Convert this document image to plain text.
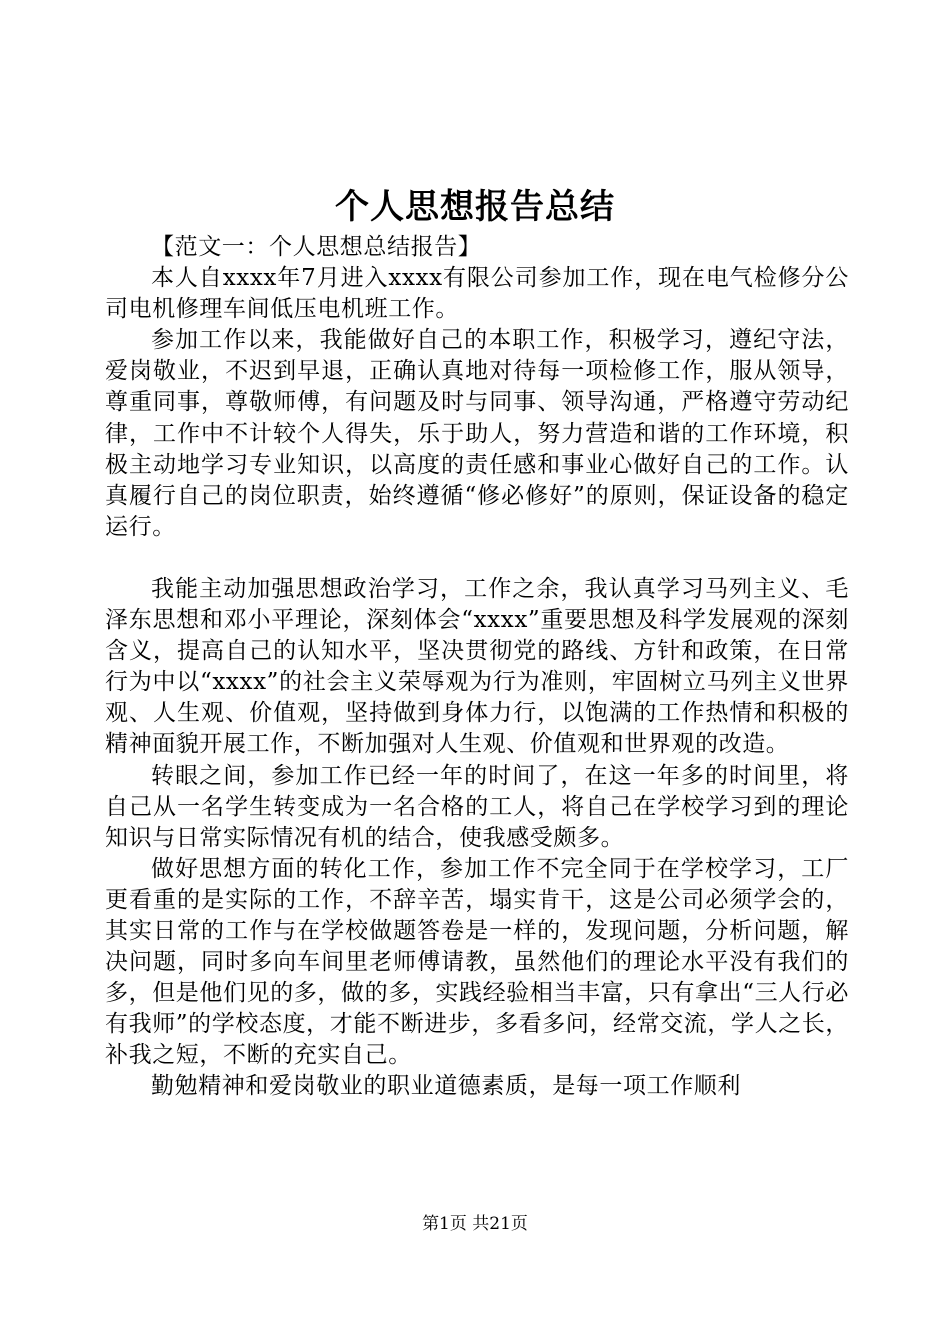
个人思想报告总结

【范文一：个人思想总结报告】

本人自xxxx年7月进入xxxx有限公司参加工作，现在电气检修分公司电机修理车间低压电机班工作。

参加工作以来，我能做好自己的本职工作，积极学习，遵纪守法，爱岗敬业，不迟到早退，正确认真地对待每一项检修工作，服从领导，尊重同事，尊敬师傅，有问题及时与同事、领导沟通，严格遵守劳动纪律，工作中不计较个人得失，乐于助人，努力营造和谐的工作环境，积极主动地学习专业知识，以高度的责任感和事业心做好自己的工作。认真履行自己的岗位职责，始终遵循“修必修好”的原则，保证设备的稳定运行。

我能主动加强思想政治学习，工作之余，我认真学习马列主义、毛泽东思想和邓小平理论，深刻体会“xxxx”重要思想及科学发展观的深刻含义，提高自己的认知水平，坚决贯彻党的路线、方针和政策，在日常行为中以“xxxx”的社会主义荣辱观为行为准则，牢固树立马列主义世界观、人生观、价值观，坚持做到身体力行，以饱满的工作热情和积极的精神面貌开展工作，不断加强对人生观、价值观和世界观的改造。

转眼之间，参加工作已经一年的时间了，在这一年多的时间里，将自己从一名学生转变成为一名合格的工人，将自己在学校学习到的理论知识与日常实际情况有机的结合，使我感受颇多。

做好思想方面的转化工作，参加工作不完全同于在学校学习，工厂更看重的是实际的工作，不辞辛苦，塌实肯干，这是公司必须学会的，其实日常的工作与在学校做题答卷是一样的，发现问题，分析问题，解决问题，同时多向车间里老师傅请教，虽然他们的理论水平没有我们的多，但是他们见的多，做的多，实践经验相当丰富，只有拿出“三人行必有我师”的学校态度，才能不断进步，多看多问，经常交流，学人之长，补我之短，不断的充实自己。

勤勉精神和爱岗敬业的职业道德素质，是每一项工作顺利

第1页 共21页
